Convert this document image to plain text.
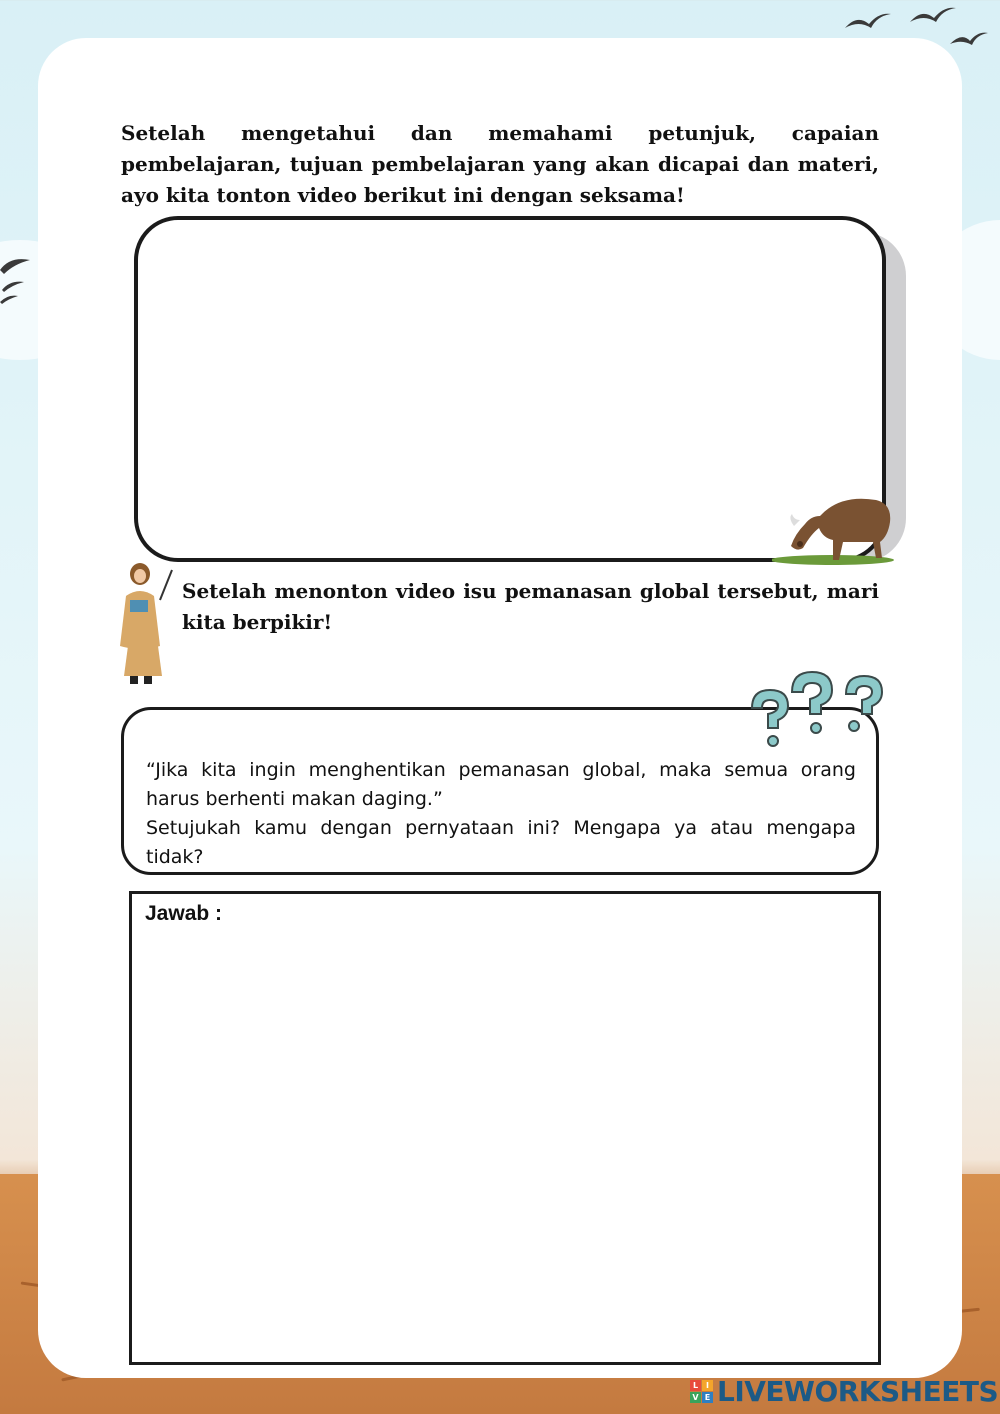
Setelah mengetahui dan memahami petunjuk, capaian pembelajaran, tujuan pembelajaran yang akan dicapai dan materi, ayo kita tonton video berikut ini dengan seksama!

Setelah menonton video isu pemanasan global tersebut, mari kita berpikir!

“Jika kita ingin menghentikan pemanasan global, maka semua orang harus berhenti makan daging.”
Setujukah kamu dengan pernyataan ini? Mengapa ya atau mengapa tidak?
Jawab :
L I
V E LIVEWORKSHEETS
